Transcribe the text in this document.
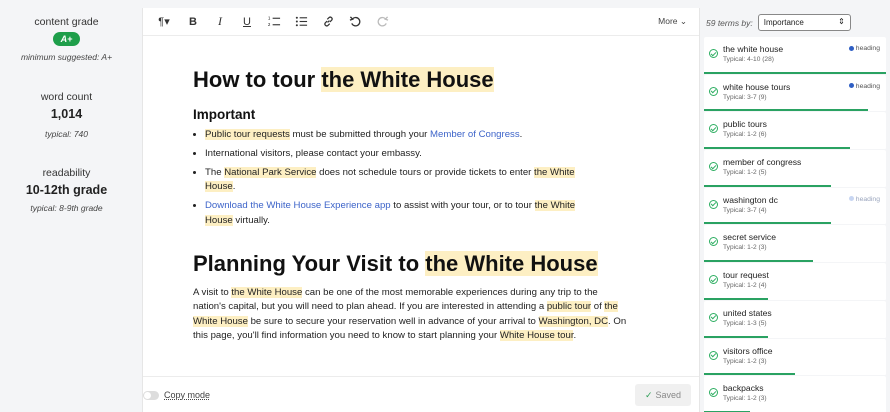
content grade
A+
minimum suggested: A+
word count
1,014
typical: 740
readability
10-12th grade
typical: 8-9th grade
¶▾	B	I	U	1
2	More ⌄
How to tour the White House
Important
• Public tour requests must be submitted through your Member of Congress.
• International visitors, please contact your embassy.
• The National Park Service does not schedule tours or provide tickets to enter the White
House.
• Download the White House Experience app to assist with your tour, or to tour the White
House virtually.
Planning Your Visit to the White House

A visit to the White House can be one of the most memorable experiences during any trip to the nation's capital, but you will need to plan ahead. If you are interested in attending a public tour of the White House be sure to secure your reservation well in advance of your arrival to Washington, DC. On this page, you'll find information you need to know to start planning your White House tour.

Copy mode	✓ Saved
59 terms by: Importance	⇕
the white house
Typical: 4-10 (28)
heading
white house tours
Typical: 3-7 (9)
heading
public tours
Typical: 1-2 (6)
member of congress
Typical: 1-2 (5)
washington dc
Typical: 3-7 (4)
heading
secret service
Typical: 1-2 (3)
tour request
Typical: 1-2 (4)
united states
Typical: 1-3 (5)
visitors office
Typical: 1-2 (3)
backpacks
Typical: 1-2 (3)
